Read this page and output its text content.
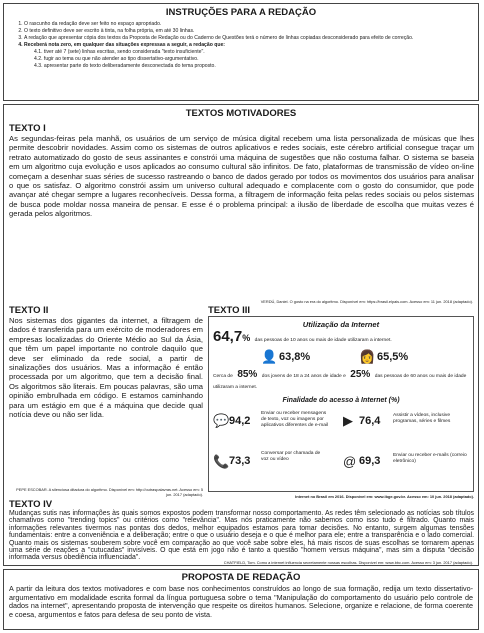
INSTRUÇÕES PARA A REDAÇÃO
1. O rascunho da redação deve ser feito no espaço apropriado.
2. O texto definitivo deve ser escrito à tinta, na folha própria, em até 30 linhas.
3. A redação que apresentar cópia dos textos da Proposta de Redação ou do Caderno de Questões terá o número de linhas copiadas desconsiderado para efeito de correção.
4. Receberá nota zero, em qualquer das situações expressas a seguir, a redação que:
4.1. tiver até 7 (sete) linhas escritas, sendo considerada "texto insuficiente".
4.2. fugir ao tema ou que não atender ao tipo dissertativo-argumentativo.
4.3. apresentar parte do texto deliberadamente desconectada do tema proposto.
TEXTOS MOTIVADORES
TEXTO I
As segundas-feiras pela manhã, os usuários de um serviço de música digital recebem uma lista personalizada de músicas que lhes permite descobrir novidades. Assim como os sistemas de outros aplicativos e redes sociais, este cérebro artificial consegue traçar um retrato automatizado do gosto de seus assinantes e constrói uma máquina de sugestões que não costuma falhar. O sistema se baseia em um algoritmo cuja evolução e usos aplicados ao consumo cultural são infinitos. De fato, plataformas de transmissão de vídeo on-line começam a desenhar suas séries de sucesso rastreando o banco de dados gerado por todos os movimentos dos usuários para analisar o que os satisfaz. O algoritmo constrói assim um universo cultural adequado e complacente com o gosto do consumidor, que pode avançar até chegar sempre a lugares reconhecíveis. Dessa forma, a filtragem de informação feita pelas redes sociais ou pelos sistemas de busca pode moldar nossa maneira de pensar. E esse é o problema principal: a ilusão de liberdade de escolha que muitas vezes é gerada pelos algoritmos.
VERDÚ, Daniel. O gosto na era do algoritmo. Disponível em: https://brasil.elpais.com. Acesso em: 11 jun. 2018 (adaptado).
TEXTO II
Nos sistemas dos gigantes da internet, a filtragem de dados é transferida para um exército de moderadores em empresas localizadas do Oriente Médio ao Sul da Ásia, que têm um papel importante no controle daquilo que deve ser eliminado da rede social, a partir de sinalizações dos usuários. Mas a informação é então processada por um algoritmo, que tem a decisão final. Os algoritmos são literais. Em poucas palavras, são uma opinião embrulhada em código. E estamos caminhando para um estágio em que é a máquina que decide qual notícia deve ou não ser lida.
PEPE ESCOBAR. A silenciosa ditadura do algoritmo. Disponível em: http://outraspalavras.net. Acesso em: 5 jun. 2017 (adaptado).
TEXTO III
Utilização da Internet
64,7% das pessoas de 10 anos ou mais de idade utilizaram a internet.
👤 63,8%	👩 65,5%
Cerca de 85% dos jovens de 18 a 24 anos de idade e 25% das pessoas de 60 anos ou mais de idade utilizaram a internet.
Finalidade do acesso à Internet (%)
💬 94,2
Enviar ou receber mensagens de texto, voz ou imagens por aplicativos diferentes de e-mail ▶ 76,4	Assistir a vídeos, inclusive programas, séries e filmes
📞 73,3
Conversar por chamada de voz ou vídeo	@ 69,3	Enviar ou receber e-mails (correio eletrônico)
Internet no Brasil em 2016. Disponível em: www.ibge.gov.br. Acesso em: 10 jun. 2018 (adaptado).
TEXTO IV
Mudanças sutis nas informações às quais somos expostos podem transformar nosso comportamento. As redes têm selecionado as notícias sob títulos chamativos como "trending topics" ou critérios como "relevância". Mas nós praticamente não sabemos como isso tudo é filtrado. Quanto mais informações relevantes tivermos nas pontas dos dedos, melhor equipados estamos para tomar decisões. No entanto, surgem algumas tensões fundamentais: entre a conveniência e a deliberação; entre o que o usuário deseja e o que é melhor para ele; entre a transparência e o lado comercial. Quanto mais os sistemas souberem sobre você em comparação ao que você sabe sobre eles, há mais riscos de suas escolhas se tornarem apenas uma série de reações a "cutucadas" invisíveis. O que está em jogo não é tanto a questão "homem versus máquina", mas sim a disputa "decisão informada versus obediência influenciada".
CHATFIELD, Tom. Como a internet influencia secretamente nossas escolhas. Disponível em: www.bbc.com. Acesso em: 3 jun. 2017 (adaptado).
PROPOSTA DE REDAÇÃO
A partir da leitura dos textos motivadores e com base nos conhecimentos construídos ao longo de sua formação, redija um texto dissertativo-argumentativo em modalidade escrita formal da língua portuguesa sobre o tema "Manipulação do comportamento do usuário pelo controle de dados na internet", apresentando proposta de intervenção que respeite os direitos humanos. Selecione, organize e relacione, de forma coerente e coesa, argumentos e fatos para defesa de seu ponto de vista.
